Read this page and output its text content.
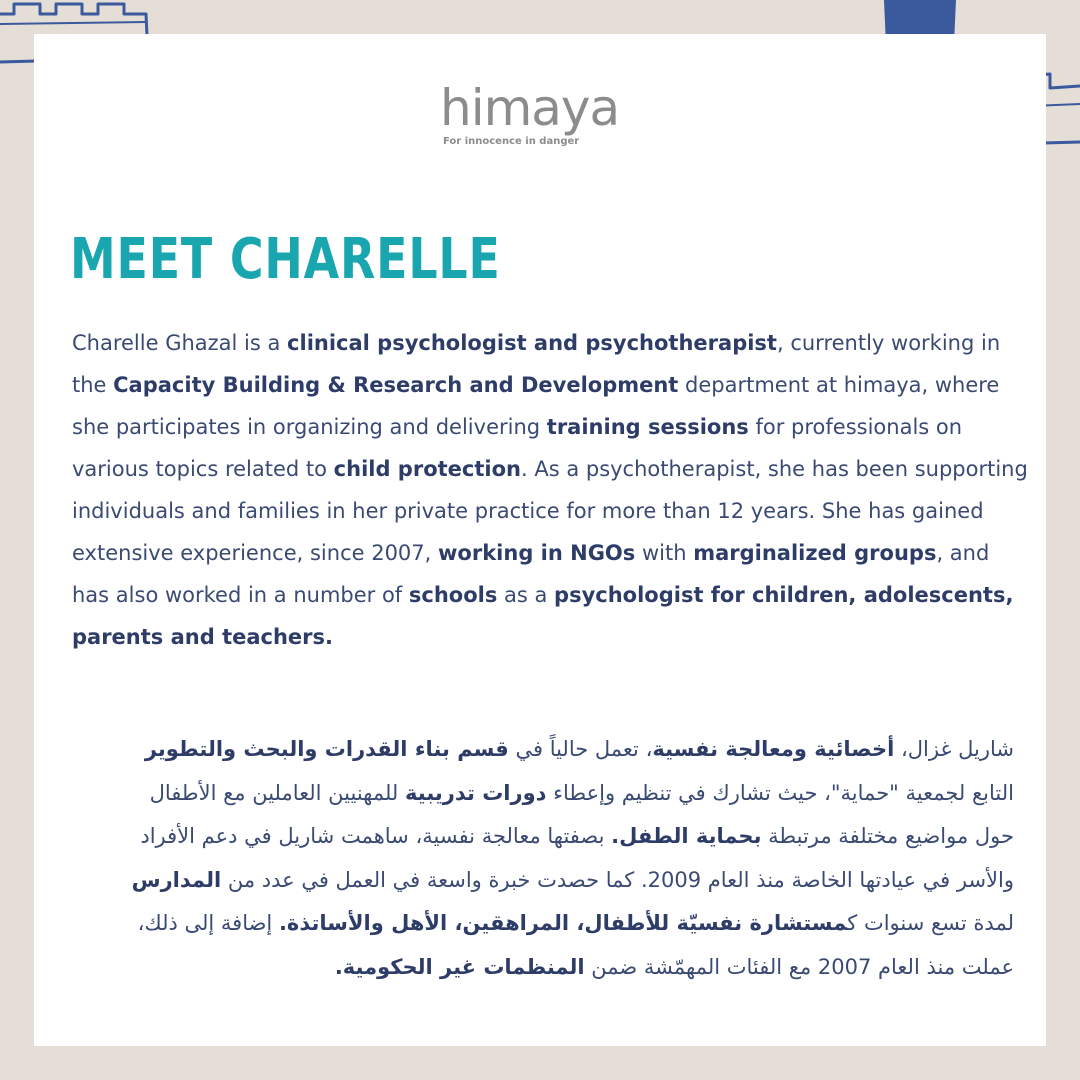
himaya
For innocence in danger
MEET CHARELLE

Charelle Ghazal is a clinical psychologist and psychotherapist, currently working in the Capacity Building & Research and Development department at himaya, where she participates in organizing and delivering training sessions for professionals on various topics related to child protection. As a psychotherapist, she has been supporting individuals and families in her private practice for more than 12 years. She has gained extensive experience, since 2007, working in NGOs with marginalized groups, and has also worked in a number of schools as a psychologist for children, adolescents, parents and teachers.

شاريل غزال، أخصائية ومعالجة نفسية، تعمل حالياً في قسم بناء القدرات والبحث والتطوير التابع لجمعية "حماية"، حيث تشارك في تنظيم وإعطاء دورات تدريبية للمهنيين العاملين مع الأطفال حول مواضيع مختلفة مرتبطة بحماية الطفل. بصفتها معالجة نفسية، ساهمت شاريل في دعم الأفراد والأسر في عيادتها الخاصة منذ العام 2009. كما حصدت خبرة واسعة في العمل في عدد من المدارس لمدة تسع سنوات كمستشارة نفسيّة للأطفال، المراهقين، الأهل والأساتذة. إضافة إلى ذلك، عملت منذ العام 2007 مع الفئات المهمّشة ضمن المنظمات غير الحكومية.
